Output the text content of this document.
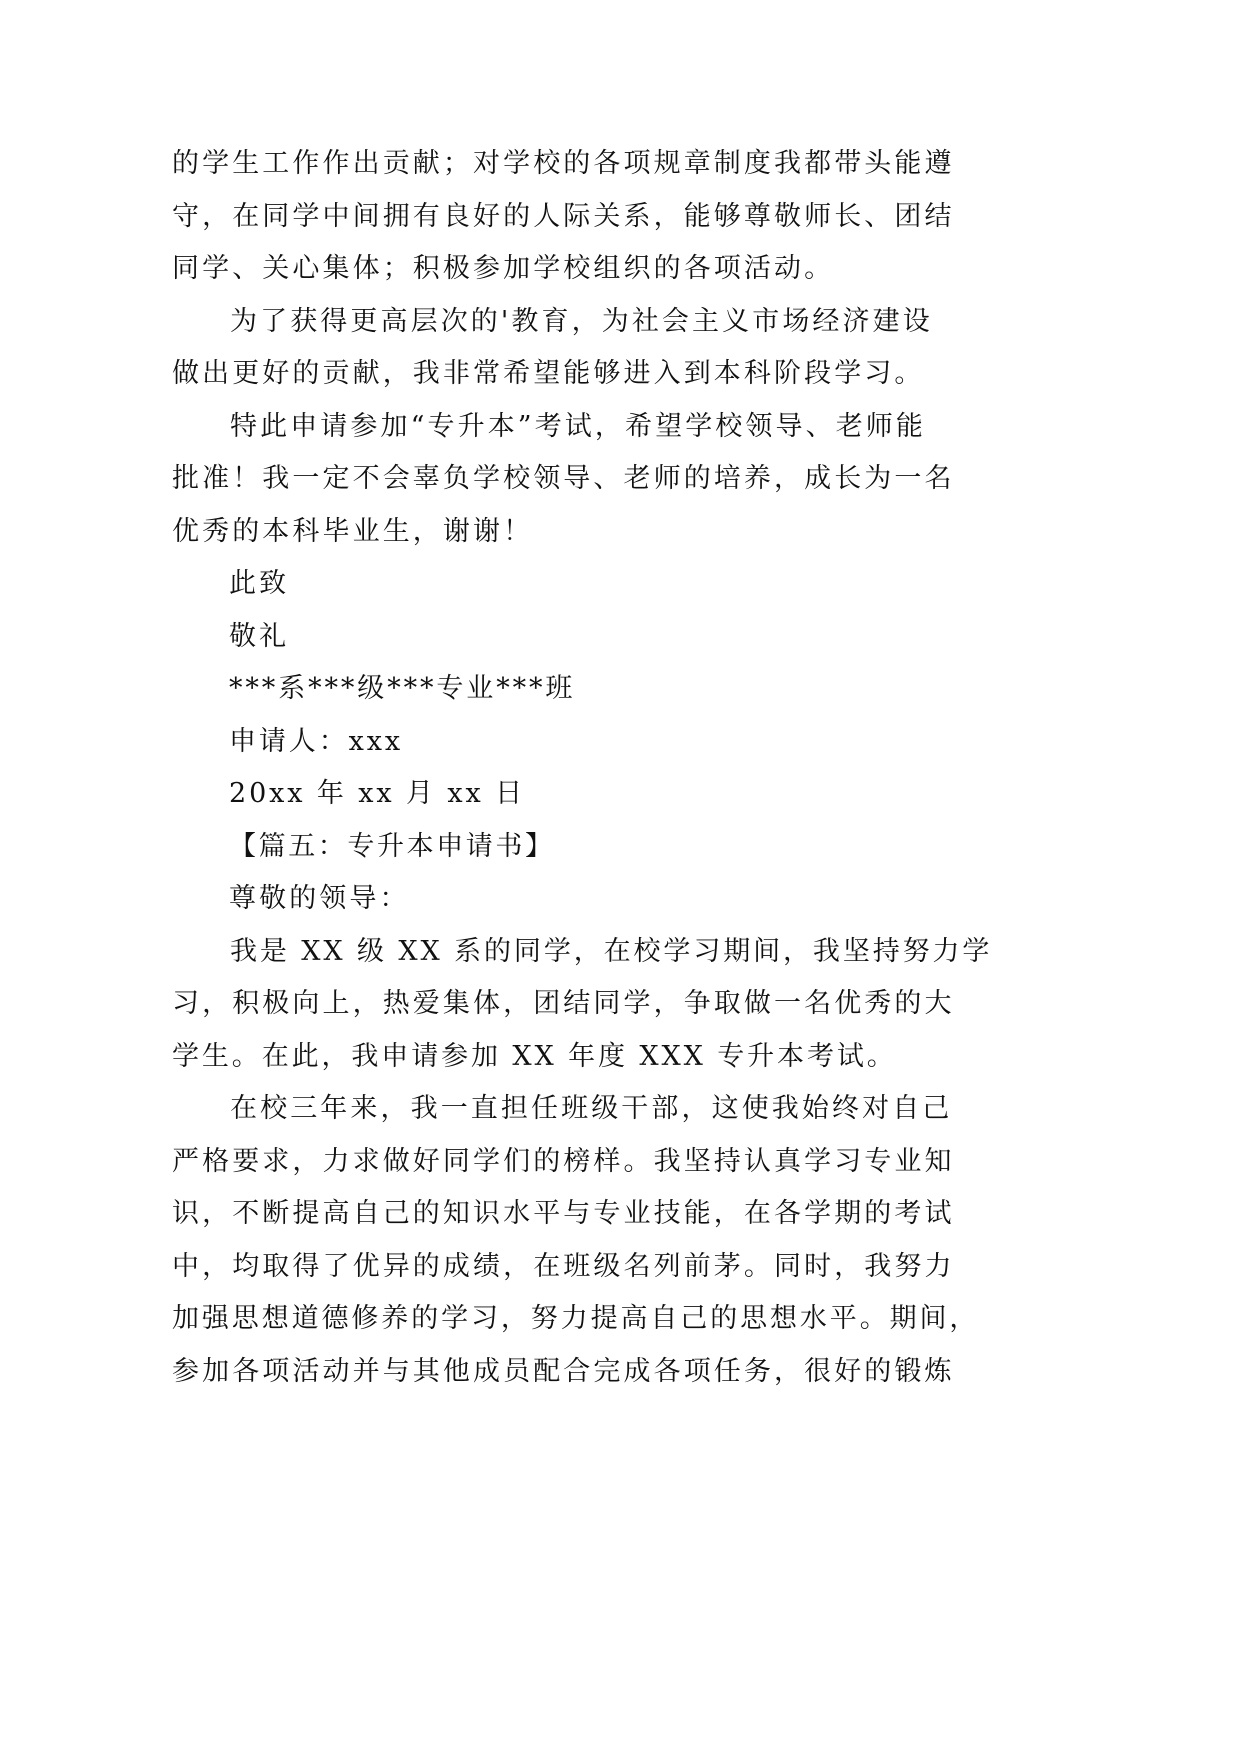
的学生工作作出贡献；对学校的各项规章制度我都带头能遵
守，在同学中间拥有良好的人际关系，能够尊敬师长、团结
同学、关心集体；积极参加学校组织的各项活动。
为了获得更高层次的'教育，为社会主义市场经济建设
做出更好的贡献，我非常希望能够进入到本科阶段学习。
特此申请参加“专升本”考试，希望学校领导、老师能
批准！我一定不会辜负学校领导、老师的培养，成长为一名
优秀的本科毕业生，谢谢！
此致
敬礼
***系***级***专业***班
申请人：xxx
20xx 年 xx 月 xx 日
【篇五：专升本申请书】
尊敬的领导：
我是 XX 级 XX 系的同学，在校学习期间，我坚持努力学
习，积极向上，热爱集体，团结同学，争取做一名优秀的大
学生。在此，我申请参加 XX 年度 XXX 专升本考试。
在校三年来，我一直担任班级干部，这使我始终对自己
严格要求，力求做好同学们的榜样。我坚持认真学习专业知
识，不断提高自己的知识水平与专业技能，在各学期的考试
中，均取得了优异的成绩，在班级名列前茅。同时，我努力
加强思想道德修养的学习，努力提高自己的思想水平。期间，
参加各项活动并与其他成员配合完成各项任务，很好的锻炼
